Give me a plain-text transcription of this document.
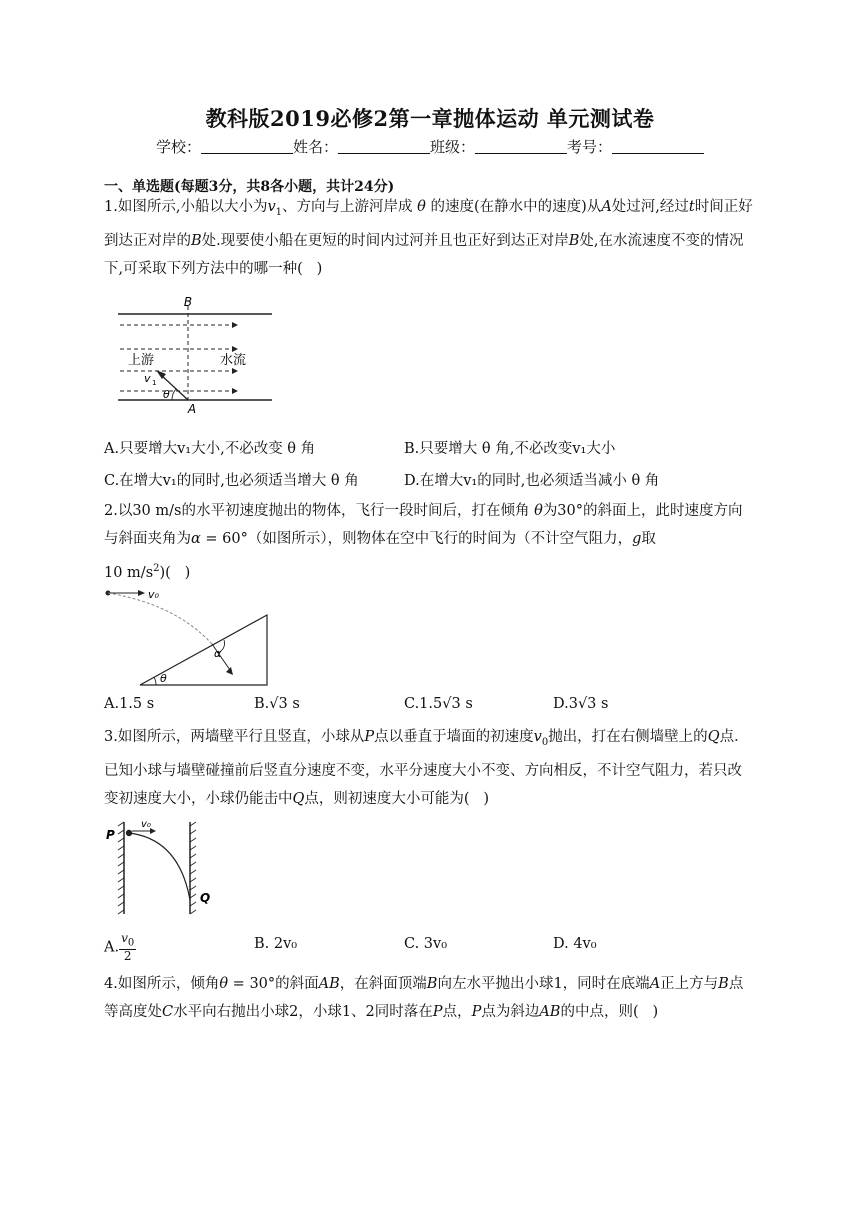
教科版2019必修2第一章抛体运动 单元测试卷
学校：	姓名：	班级：	考号：
一、单选题(每题3分，共8各小题，共计24分)
1.如图所示,小船以大小为$v_1$、方向与上游河岸成 θ 的速度(在静水中的速度)从A处过河,经过t时间正好到达正对岸的B处.现要使小船在更短的时间内过河并且也正好到达正对岸B处,在水流速度不变的情况下,可采取下列方法中的哪一种(   )
B
A
上游	水流
v 1
θ
A.只要增大v₁大小,不必改变 θ 角	B.只要增大 θ 角,不必改变v₁大小
C.在增大v₁的同时,也必须适当增大 θ 角	D.在增大v₁的同时,也必须适当减小 θ 角
2.以30 m/s的水平初速度抛出的物体，飞行一段时间后，打在倾角 θ为30°的斜面上，此时速度方向与斜面夹角为α = 60°（如图所示），则物体在空中飞行的时间为（不计空气阻力，g取
10 $m/s^2$)(   )
v₀
α
θ
A.1.5 s	B.√3 s	C.1.5√3 s	D.3√3 s
3.如图所示，两墙壁平行且竖直，小球从P点以垂直于墙面的初速度$v_0$抛出，打在右侧墙壁上的Q点．已知小球与墙壁碰撞前后竖直分速度不变，水平分速度大小不变、方向相反，不计空气阻力，若只改变初速度大小，小球仍能击中Q点，则初速度大小可能为(   )
v₀
P
Q
A. $\frac{v_0}{2}$	B. 2v₀	C. 3v₀	D. 4v₀
4.如图所示，倾角θ = 30°的斜面AB，在斜面顶端B向左水平抛出小球1，同时在底端A正上方与B点等高度处C水平向右抛出小球2，小球1、2同时落在P点，P点为斜边AB的中点，则(   )
